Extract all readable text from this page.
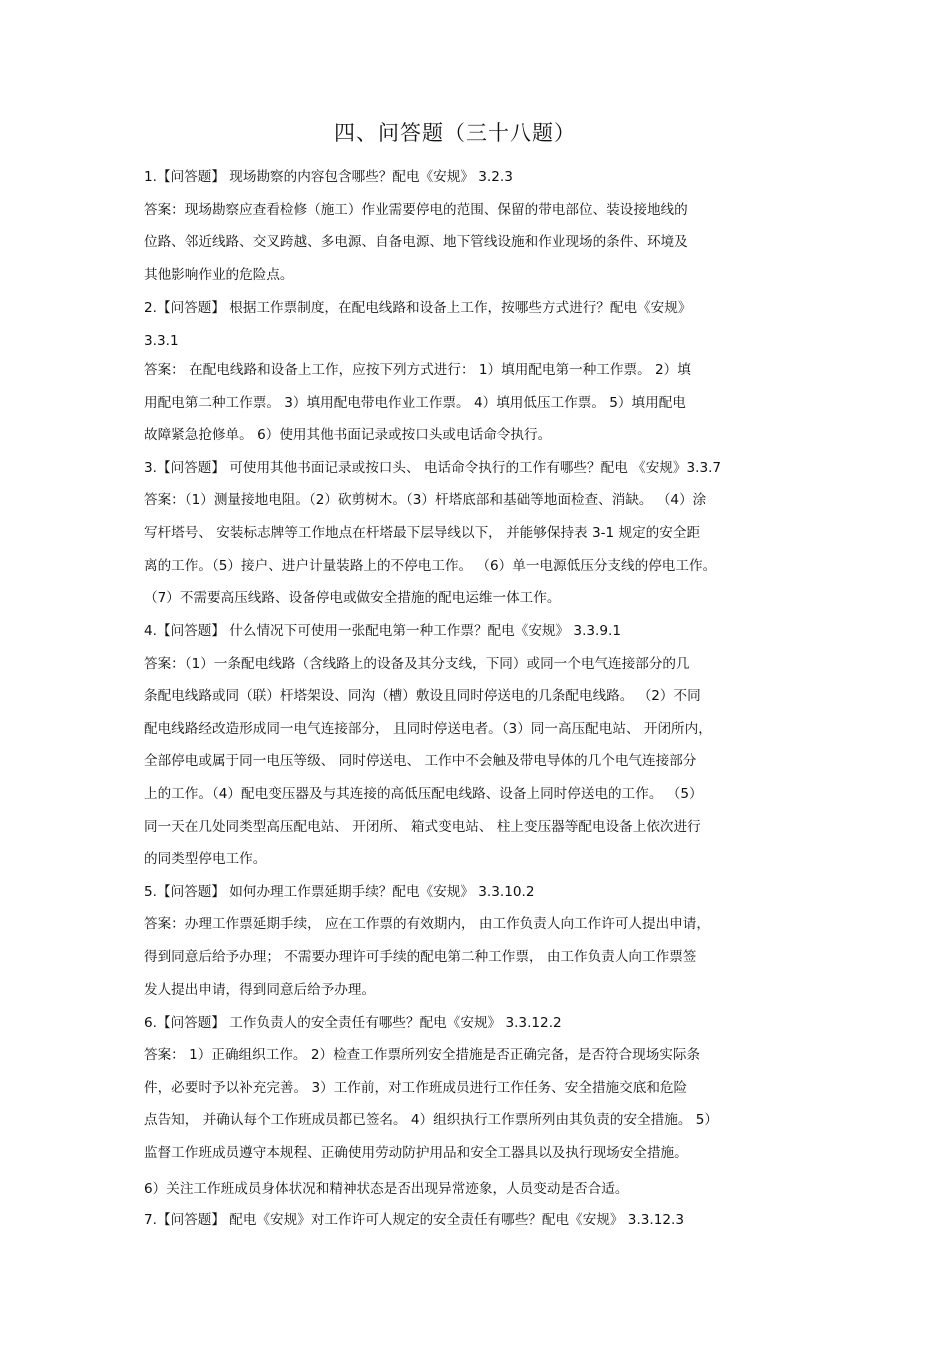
四、问答题（三十八题）
1.【问答题】 现场勘察的内容包含哪些？配电《安规》 3.2.3
答案：现场勘察应查看检修（施工）作业需要停电的范围、保留的带电部位、装设接地线的
位路、邻近线路、交叉跨越、多电源、自备电源、地下管线设施和作业现场的条件、环境及
其他影响作业的危险点。
2.【问答题】 根据工作票制度，在配电线路和设备上工作，按哪些方式进行？配电《安规》
3.3.1
答案： 在配电线路和设备上工作，应按下列方式进行： 1）填用配电第一种工作票。 2）填
用配电第二种工作票。 3）填用配电带电作业工作票。 4）填用低压工作票。 5）填用配电
故障紧急抢修单。 6）使用其他书面记录或按口头或电话命令执行。
3.【问答题】 可使用其他书面记录或按口头、 电话命令执行的工作有哪些？配电 《安规》3.3.7
答案：（1）测量接地电阻。（2）砍剪树木。（3）杆塔底部和基础等地面检查、消缺。 （4）涂
写杆塔号、 安装标志牌等工作地点在杆塔最下层导线以下， 并能够保持表 3-1 规定的安全距
离的工作。（5）接户、进户计量装路上的不停电工作。 （6）单一电源低压分支线的停电工作。
（7）不需要高压线路、设备停电或做安全措施的配电运维一体工作。
4.【问答题】 什么情况下可使用一张配电第一种工作票？配电《安规》 3.3.9.1
答案：（1）一条配电线路（含线路上的设备及其分支线，下同）或同一个电气连接部分的几
条配电线路或同（联）杆塔架设、同沟（槽）敷设且同时停送电的几条配电线路。 （2）不同
配电线路经改造形成同一电气连接部分， 且同时停送电者。（3）同一高压配电站、 开闭所内，
全部停电或属于同一电压等级、 同时停送电、 工作中不会触及带电导体的几个电气连接部分
上的工作。（4）配电变压器及与其连接的高低压配电线路、设备上同时停送电的工作。 （5）
同一天在几处同类型高压配电站、 开闭所、 箱式变电站、 柱上变压器等配电设备上依次进行
的同类型停电工作。
5.【问答题】 如何办理工作票延期手续？配电《安规》 3.3.10.2
答案：办理工作票延期手续， 应在工作票的有效期内， 由工作负责人向工作许可人提出申请，
得到同意后给予办理； 不需要办理许可手续的配电第二种工作票， 由工作负责人向工作票签
发人提出申请，得到同意后给予办理。
6.【问答题】 工作负责人的安全责任有哪些？配电《安规》 3.3.12.2
答案： 1）正确组织工作。 2）检查工作票所列安全措施是否正确完备，是否符合现场实际条
件，必要时予以补充完善。 3）工作前，对工作班成员进行工作任务、安全措施交底和危险
点告知， 并确认每个工作班成员都已签名。 4）组织执行工作票所列由其负责的安全措施。 5）
监督工作班成员遵守本规程、正确使用劳动防护用品和安全工器具以及执行现场安全措施。
6）关注工作班成员身体状况和精神状态是否出现异常迹象，人员变动是否合适。
7.【问答题】 配电《安规》对工作许可人规定的安全责任有哪些？配电《安规》 3.3.12.3
